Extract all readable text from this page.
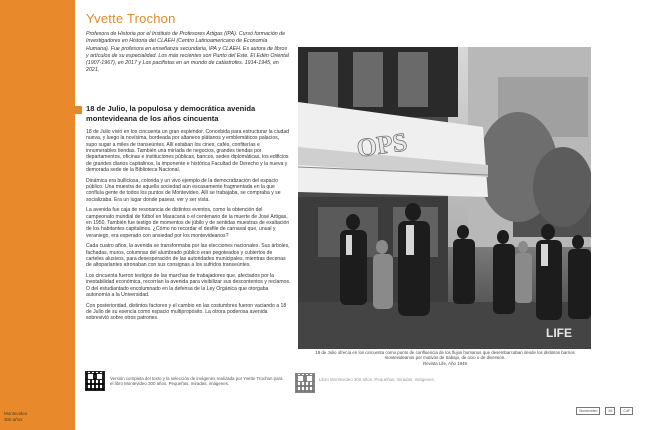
Montevideo
300 años
Yvette Trochon
Profesora de Historia por el Instituto de Profesores Artigas (IPA). Cursó formación de Investigadores en Historia del CLAEH (Centro Latinoamericano de Economía Humana). Fue profesora en enseñanza secundaria, IPA y CLAEH. Es autora de libros y artículos de su especialidad. Los más recientes son Punto del Este. El Edén Oriental (1907-1967), en 2017 y Los pacifistas en un mundo de catástrofes. 1914-1945, en 2021.
18 de Julio, la populosa y democrática avenida montevideana de los años cincuenta

18 de Julio vivió en los cincuenta un gran esplendor. Concebida para estructurar la ciudad nueva, y luego la novísima, bordeada por altaneos plátanos y emblemáticos palacios, supo sugar a miles de transeúntes. Allí estaban los cines, cafés, confiterías e innumerables tiendas. También una miríada de negocios, grandes tiendas por departamentos, oficinas e instituciones públicas, bancos, sedes diplomáticas, los edificios de grandes diarios capitalinos, la imponente e histórica Facultad de Derecho y la nueva y demorada sede de la Biblioteca Nacional.

Dinámica era bulliciosa, colorida y un vivo ejemplo de la democratización del espacio público. Una muestra de aquella sociedad aún escasamente fragmentada en la que confluía gente de todos los puntos de Montevideo. Allí se trabajaba, se compraba y se socializaba. Era un lugar donde pasear, ver y ser vista.

La avenida fue caja de resonancia de distintos eventos, como la obtención del campeonato mundial de fútbol en Maracaná o el centenario de la muerte de José Artigas, en 1950. También fue testigo de momentos de júbilo y de sentidas muestras de exaltación de los habitantes capitalinos. ¿Cómo no recordar el desfile de carnaval que, unual y veraniego, era esperado con ansiedad por los montevideanos?

Cada cuatro años, la avenida se transformaba por las elecciones nacionales. Sus árboles, fachadas, muros, columnas del alumbrado público eran pegoteados y cubiertos de carteles alusivos, para desesperación de las autoridades municipales, mientras decenas de altoparlantes atronaban con sus consignas a los sufridos transeúntes.

Los cincuenta fueron testigos de las marchas de trabajadores que, afectados por la inestabilidad económica, recorrían la avenida para visibilizar sus descontentos y reclamos. O del estudiantado encolumnado en la defensa de la Ley Orgánica que otorgaba autonomía a la Universidad.

Con posterioridad, distintos factores y el cambio en las costumbres fueron vaciando a 18 de Julio de su esencia como espacio multipropósito. La otrora poderosa avenida sobrevivió sobre otros patrones.

Versión completa del texto y la selección de imágenes realizada por Yvette Trochon para el libro Montevideo 300 años. Pequeñas, miradas, imágenes.
Libro Montevideo 300 años. Pequeñas, miradas, imágenes.
OPS
LIFE
18 de Julio ofrecía en los cincuenta como punto de confluencia de los flujos humanos que desembarcaban desde los distintos barrios montevideanos por motivos de trabajo, de ocio o de diversión.
Revista Life, Año 1949
Montevideo	IM	CdF
